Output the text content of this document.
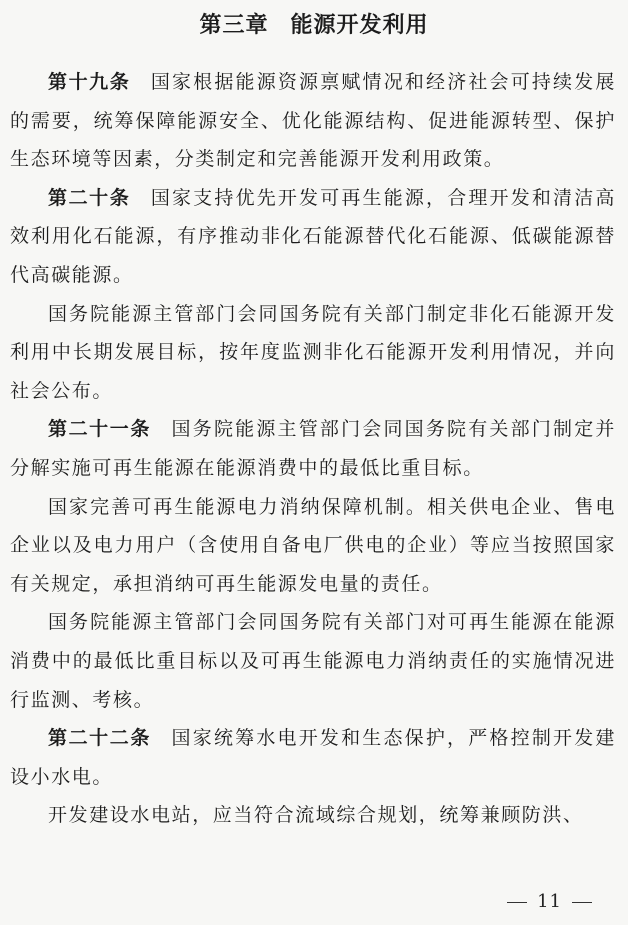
第三章 能源开发利用

第十九条 国家根据能源资源禀赋情况和经济社会可持续发展的需要，统筹保障能源安全、优化能源结构、促进能源转型、保护生态环境等因素，分类制定和完善能源开发利用政策。

第二十条 国家支持优先开发可再生能源，合理开发和清洁高效利用化石能源，有序推动非化石能源替代化石能源、低碳能源替代高碳能源。

国务院能源主管部门会同国务院有关部门制定非化石能源开发利用中长期发展目标，按年度监测非化石能源开发利用情况，并向社会公布。

第二十一条 国务院能源主管部门会同国务院有关部门制定并分解实施可再生能源在能源消费中的最低比重目标。

国家完善可再生能源电力消纳保障机制。相关供电企业、售电企业以及电力用户（含使用自备电厂供电的企业）等应当按照国家有关规定，承担消纳可再生能源发电量的责任。

国务院能源主管部门会同国务院有关部门对可再生能源在能源消费中的最低比重目标以及可再生能源电力消纳责任的实施情况进行监测、考核。

第二十二条 国家统筹水电开发和生态保护，严格控制开发建设小水电。

开发建设水电站，应当符合流域综合规划，统筹兼顾防洪、

11
